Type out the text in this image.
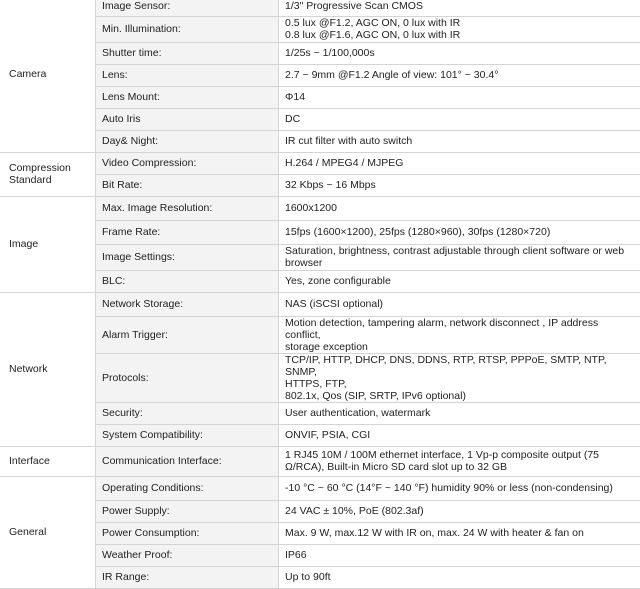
Camera	Image Sensor:	1/3" Progressive Scan CMOS

	Min. Illumination:	0.5 lux @F1.2, AGC ON, 0 lux with IR
0.8 lux @F1.6, AGC ON, 0 lux with IR

	Shutter time:	1/25s ~ 1/100,000s

	Lens:	2.7 ~ 9mm @F1.2 Angle of view: 101° ~ 30.4°

	Lens Mount:	Φ14

	Auto Iris	DC

	Day& Night:	IR cut filter with auto switch

Compression Standard	Video Compression:	H.264 / MPEG4 / MJPEG

	Bit Rate:	32 Kbps ~ 16 Mbps

Image	Max. Image Resolution:	1600x1200

	Frame Rate:	15fps (1600×1200), 25fps (1280×960), 30fps (1280×720)

	Image Settings:	Saturation, brightness, contrast adjustable through client software or web
browser

	BLC:	Yes, zone configurable

Network	Network Storage:	NAS (iSCSI optional)

	Alarm Trigger:	Motion detection, tampering alarm, network disconnect , IP address conflict,
storage exception

	Protocols:	TCP/IP, HTTP, DHCP, DNS, DDNS, RTP, RTSP, PPPoE, SMTP, NTP, SNMP,
HTTPS, FTP,
802.1x, Qos (SIP, SRTP, IPv6 optional)

	Security:	User authentication, watermark

	System Compatibility:	ONVIF, PSIA, CGI

Interface	Communication Interface:	1 RJ45 10M / 100M ethernet interface, 1 Vp-p composite output (75
Ω/RCA), Built-in Micro SD card slot up to 32 GB

General	Operating Conditions:	-10 °C ~ 60 °C (14°F ~ 140 °F) humidity 90% or less (non-condensing)

	Power Supply:	24 VAC ± 10%, PoE (802.3af)

	Power Consumption:	Max. 9 W, max.12 W with IR on, max. 24 W with heater & fan on

	Weather Proof:	IP66

	IR Range:	Up to 90ft
